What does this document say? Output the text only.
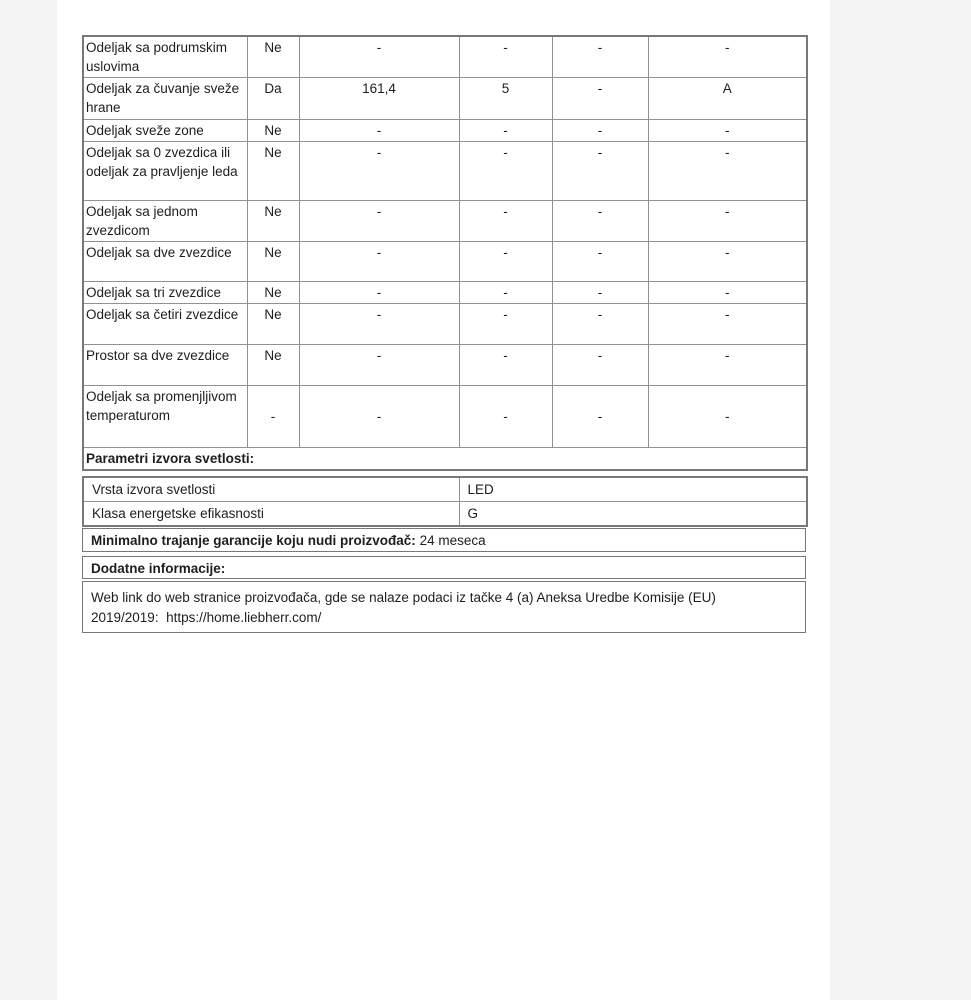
Odeljak sa podrumskim uslovima	Ne	-	-	-	-
Odeljak za čuvanje sveže hrane	Da	161,4	5	-	A
Odeljak sveže zone	Ne	-	-	-	-
Odeljak sa 0 zvezdica ili odeljak za pravljenje leda	Ne	-	-	-	-
Odeljak sa jednom zvezdicom	Ne	-	-	-	-
Odeljak sa dve zvezdice	Ne	-	-	-	-
Odeljak sa tri zvezdice	Ne	-	-	-	-
Odeljak sa četiri zvezdice	Ne	-	-	-	-
Prostor sa dve zvezdice	Ne	-	-	-	-
Odeljak sa promenjljivom temperaturom	-	-	-	-	-
Parametri izvora svetlosti:					
Vrsta izvora svetlosti	LED
Klasa energetske efikasnosti	G
Minimalno trajanje garancije koju nudi proizvođač: 24 meseca
Dodatne informacije:
Web link do web stranice proizvođača, gde se nalaze podaci iz tačke 4 (a) Aneksa Uredbe Komisije (EU)
2019/2019:  https://home.liebherr.com/
